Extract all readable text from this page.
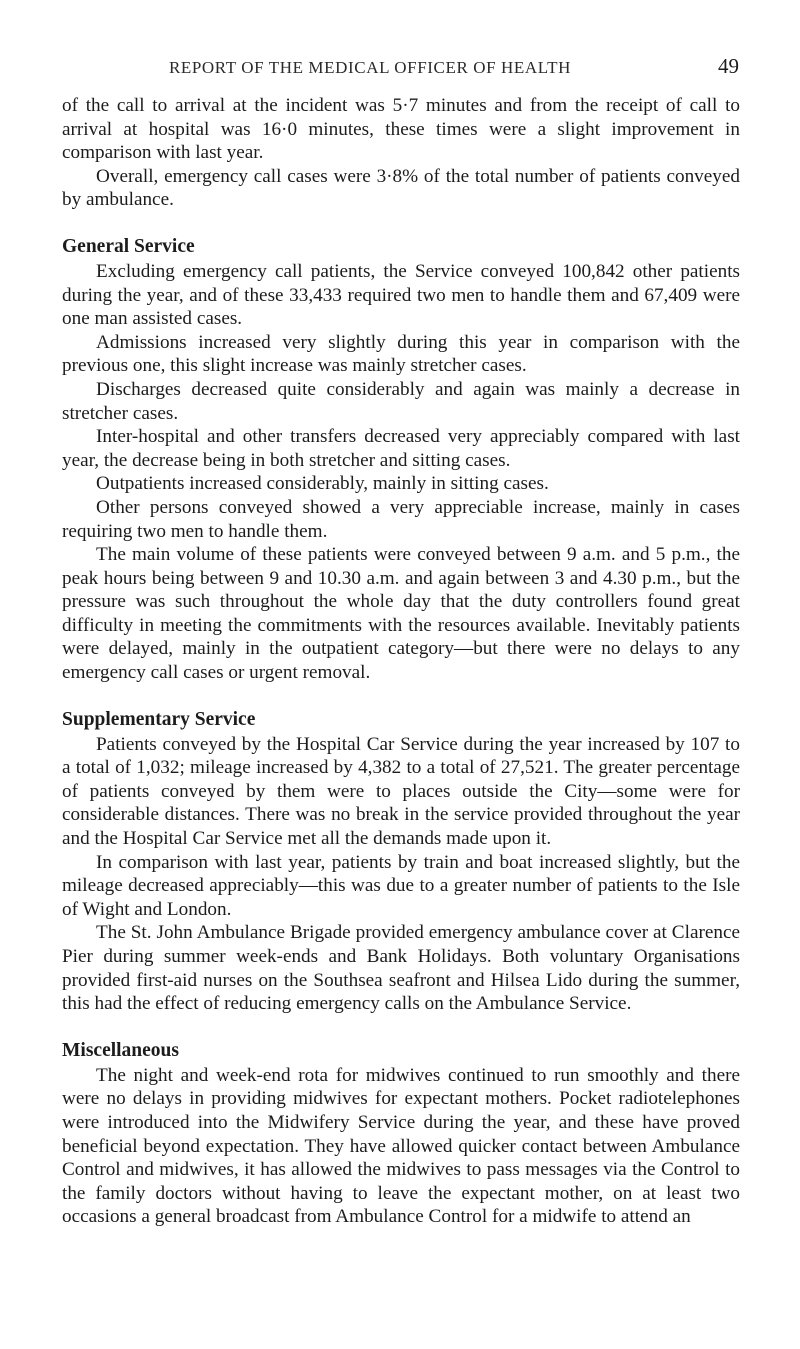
REPORT OF THE MEDICAL OFFICER OF HEALTH	49

of the call to arrival at the incident was 5·7 minutes and from the receipt of call to arrival at hospital was 16·0 minutes, these times were a slight improvement in comparison with last year.

Overall, emergency call cases were 3·8% of the total number of patients conveyed by ambulance.

General Service

Excluding emergency call patients, the Service conveyed 100,842 other patients during the year, and of these 33,433 required two men to handle them and 67,409 were one man assisted cases.

Admissions increased very slightly during this year in comparison with the previous one, this slight increase was mainly stretcher cases.

Discharges decreased quite considerably and again was mainly a decrease in stretcher cases.

Inter-hospital and other transfers decreased very appreciably compared with last year, the decrease being in both stretcher and sitting cases.

Outpatients increased considerably, mainly in sitting cases.

Other persons conveyed showed a very appreciable increase, mainly in cases requiring two men to handle them.

The main volume of these patients were conveyed between 9 a.m. and 5 p.m., the peak hours being between 9 and 10.30 a.m. and again between 3 and 4.30 p.m., but the pressure was such throughout the whole day that the duty controllers found great difficulty in meeting the commitments with the resources available. Inevitably patients were delayed, mainly in the outpatient category—but there were no delays to any emergency call cases or urgent removal.

Supplementary Service

Patients conveyed by the Hospital Car Service during the year increased by 107 to a total of 1,032; mileage increased by 4,382 to a total of 27,521. The greater percentage of patients conveyed by them were to places outside the City—some were for considerable distances. There was no break in the service provided throughout the year and the Hospital Car Service met all the demands made upon it.

In comparison with last year, patients by train and boat increased slightly, but the mileage decreased appreciably—this was due to a greater number of patients to the Isle of Wight and London.

The St. John Ambulance Brigade provided emergency ambulance cover at Clarence Pier during summer week-ends and Bank Holidays. Both voluntary Organisations provided first-aid nurses on the Southsea seafront and Hilsea Lido during the summer, this had the effect of reducing emergency calls on the Ambulance Service.

Miscellaneous

The night and week-end rota for midwives continued to run smoothly and there were no delays in providing midwives for expectant mothers. Pocket radiotelephones were introduced into the Midwifery Service during the year, and these have proved beneficial beyond expectation. They have allowed quicker contact between Ambulance Control and midwives, it has allowed the midwives to pass messages via the Control to the family doctors without having to leave the expectant mother, on at least two occasions a general broadcast from Ambulance Control for a midwife to attend an
